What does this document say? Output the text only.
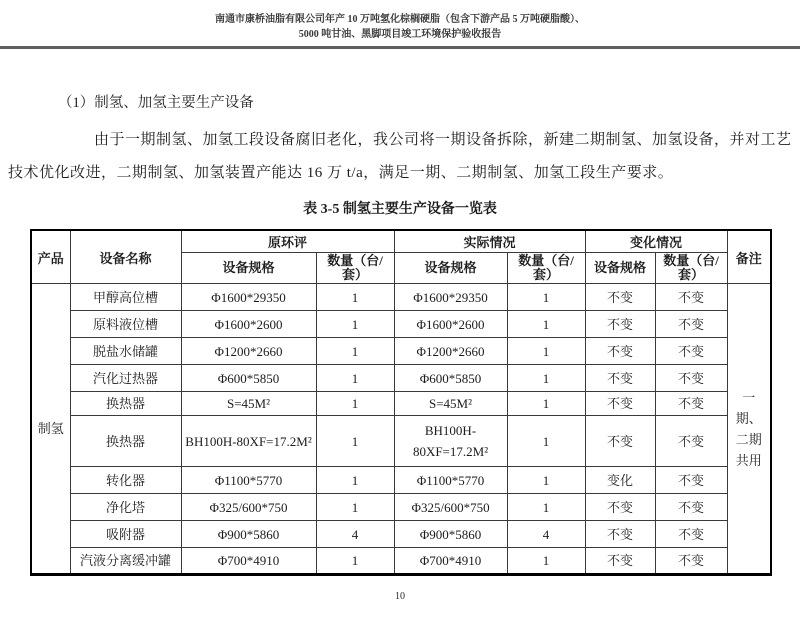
南通市康桥油脂有限公司年产 10 万吨氢化棕榈硬脂（包含下游产品 5 万吨硬脂酸）、
5000 吨甘油、黑脚项目竣工环境保护验收报告
（1）制氢、加氢主要生产设备

由于一期制氢、加氢工段设备腐旧老化，我公司将一期设备拆除，新建二期制氢、加氢设备，并对工艺技术优化改进，二期制氢、加氢装置产能达 16 万 t/a，满足一期、二期制氢、加氢工段生产要求。

表 3-5 制氢主要生产设备一览表
产品	设备名称	原环评		实际情况		变化情况		备注
		设备规格	数量（台/套）	设备规格	数量（台/套）	设备规格	数量（台/套）	
制氢	甲醇高位槽	Φ1600*29350	1	Φ1600*29350	1	不变	不变	一期、二期共用
	原料液位槽	Φ1600*2600	1	Φ1600*2600	1	不变	不变	
	脱盐水储罐	Φ1200*2660	1	Φ1200*2660	1	不变	不变	
	汽化过热器	Φ600*5850	1	Φ600*5850	1	不变	不变	
	换热器	S=45M²	1	S=45M²	1	不变	不变	
	换热器	BH100H-80XF=17.2M²	1	BH100H-80XF=17.2M²	1	不变	不变	
	转化器	Φ1100*5770	1	Φ1100*5770	1	变化	不变	
	净化塔	Φ325/600*750	1	Φ325/600*750	1	不变	不变	
	吸附器	Φ900*5860	4	Φ900*5860	4	不变	不变	
	汽液分离缓冲罐	Φ700*4910	1	Φ700*4910	1	不变	不变	
10
